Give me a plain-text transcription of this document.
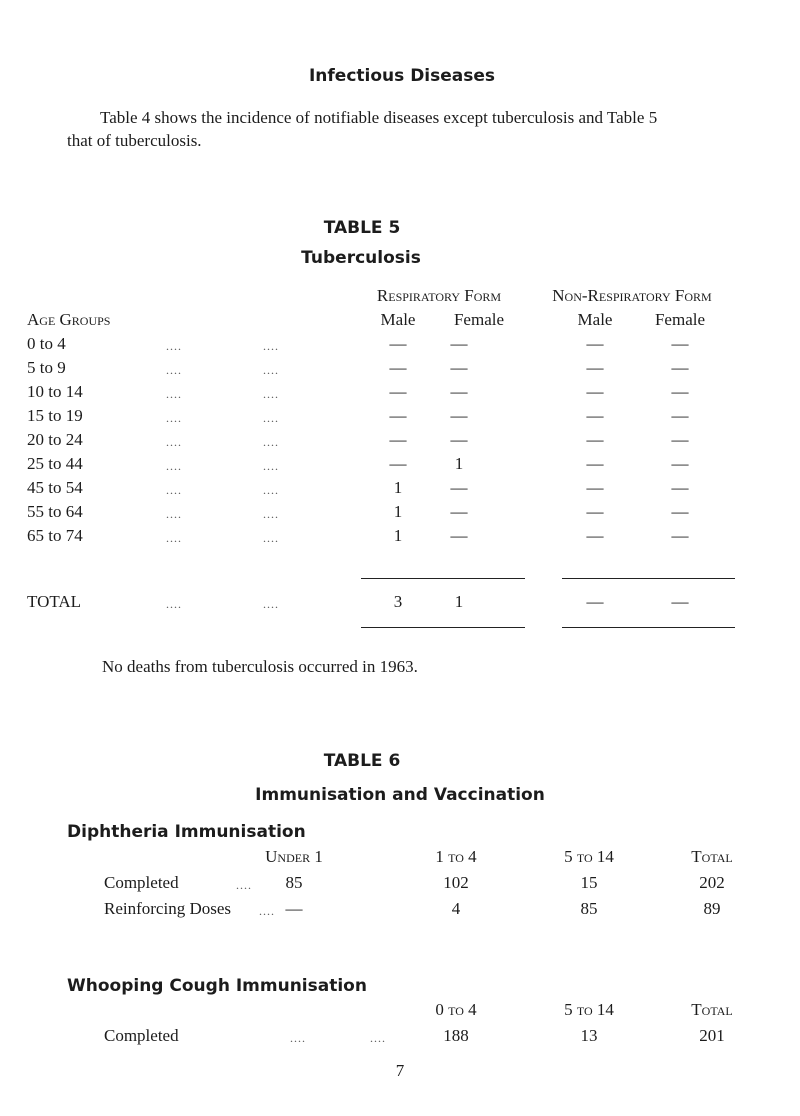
Infectious Diseases
Table 4 shows the incidence of notifiable diseases except tuberculosis and Table 5
that of tuberculosis.
TABLE 5
Tuberculosis
Respiratory Form	Non-Respiratory Form
Age Groups	Male Female	Male	Female
0 to 4	....	....	—	—	—	—
5 to 9	....	....	—	—	—	—
10 to 14	....	....	—	—	—	—
15 to 19	....	....	—	—	—	—
20 to 24	....	....	—	—	—	—
25 to 44	....	....	—	1	—	—
45 to 54	....	....	1	—	—	—
55 to 64	....	....	1	—	—	—
65 to 74	....	....	1	—	—	—
TOTAL	....	....	3	1	—	—
No deaths from tuberculosis occurred in 1963.
TABLE 6
Immunisation and Vaccination
Diphtheria Immunisation
Under 1	1 to 4	5 to 14	Total
Completed	.... 85	102	15	202
Reinforcing Doses .... —	4	85	89
Whooping Cough Immunisation
0 to 4	5 to 14	Total
Completed	....	....	188	13	201
7
